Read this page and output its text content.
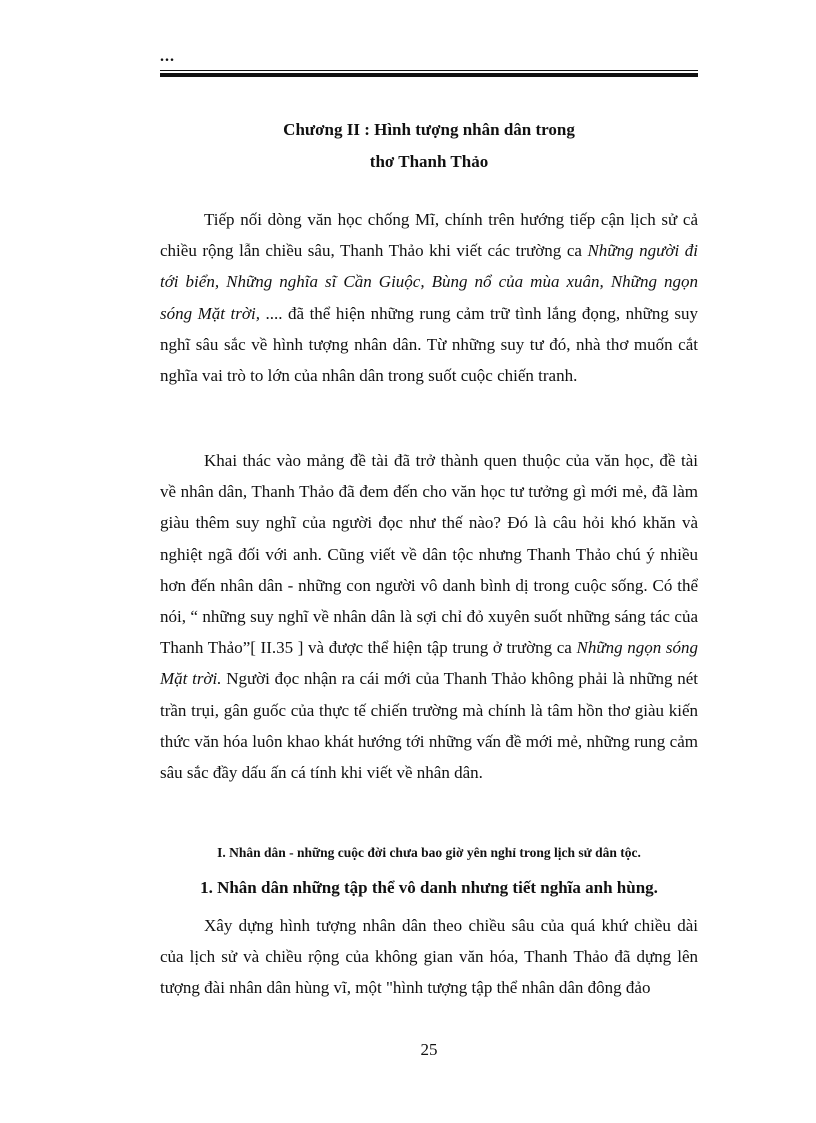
...
Chương II : Hình tượng nhân dân trong
thơ Thanh Thảo

Tiếp nối dòng văn học chống Mĩ, chính trên hướng tiếp cận lịch sử cả chiều rộng lẫn chiều sâu, Thanh Thảo khi viết các trường ca Những người đi tới biển, Những nghĩa sĩ Cần Giuộc, Bùng nổ của mùa xuân, Những ngọn sóng Mặt trời, .... đã thể hiện những rung cảm trữ tình lắng đọng, những suy nghĩ sâu sắc về hình tượng nhân dân. Từ những suy tư đó, nhà thơ muốn cắt nghĩa vai trò to lớn của nhân dân trong suốt cuộc chiến tranh.

Khai thác vào mảng đề tài đã trở thành quen thuộc của văn học, đề tài về nhân dân, Thanh Thảo đã đem đến cho văn học tư tưởng gì mới mẻ, đã làm giàu thêm suy nghĩ của người đọc như thế nào? Đó là câu hỏi khó khăn và nghiệt ngã đối với anh. Cũng viết về dân tộc nhưng Thanh Thảo chú ý nhiều hơn đến nhân dân - những con người vô danh bình dị trong cuộc sống. Có thể nói, “ những suy nghĩ về nhân dân là sợi chỉ đỏ xuyên suốt những sáng tác của Thanh Thảo”[ II.35 ] và được thể hiện tập trung ở trường ca Những ngọn sóng Mặt trời. Người đọc nhận ra cái mới của Thanh Thảo không phải là những nét trần trụi, gân guốc của thực tế chiến trường mà chính là tâm hồn thơ giàu kiến thức văn hóa luôn khao khát hướng tới những vấn đề mới mẻ, những rung cảm sâu sắc đầy dấu ấn cá tính khi viết về nhân dân.

I. Nhân dân - những cuộc đời chưa bao giờ yên nghỉ trong lịch sử dân tộc.
1. Nhân dân những tập thể vô danh nhưng tiết nghĩa anh hùng.

Xây dựng hình tượng nhân dân theo chiều sâu của quá khứ chiều dài của lịch sử và chiều rộng của không gian văn hóa, Thanh Thảo đã dựng lên tượng đài nhân dân hùng vĩ, một "hình tượng tập thể nhân dân đông đảo

25
